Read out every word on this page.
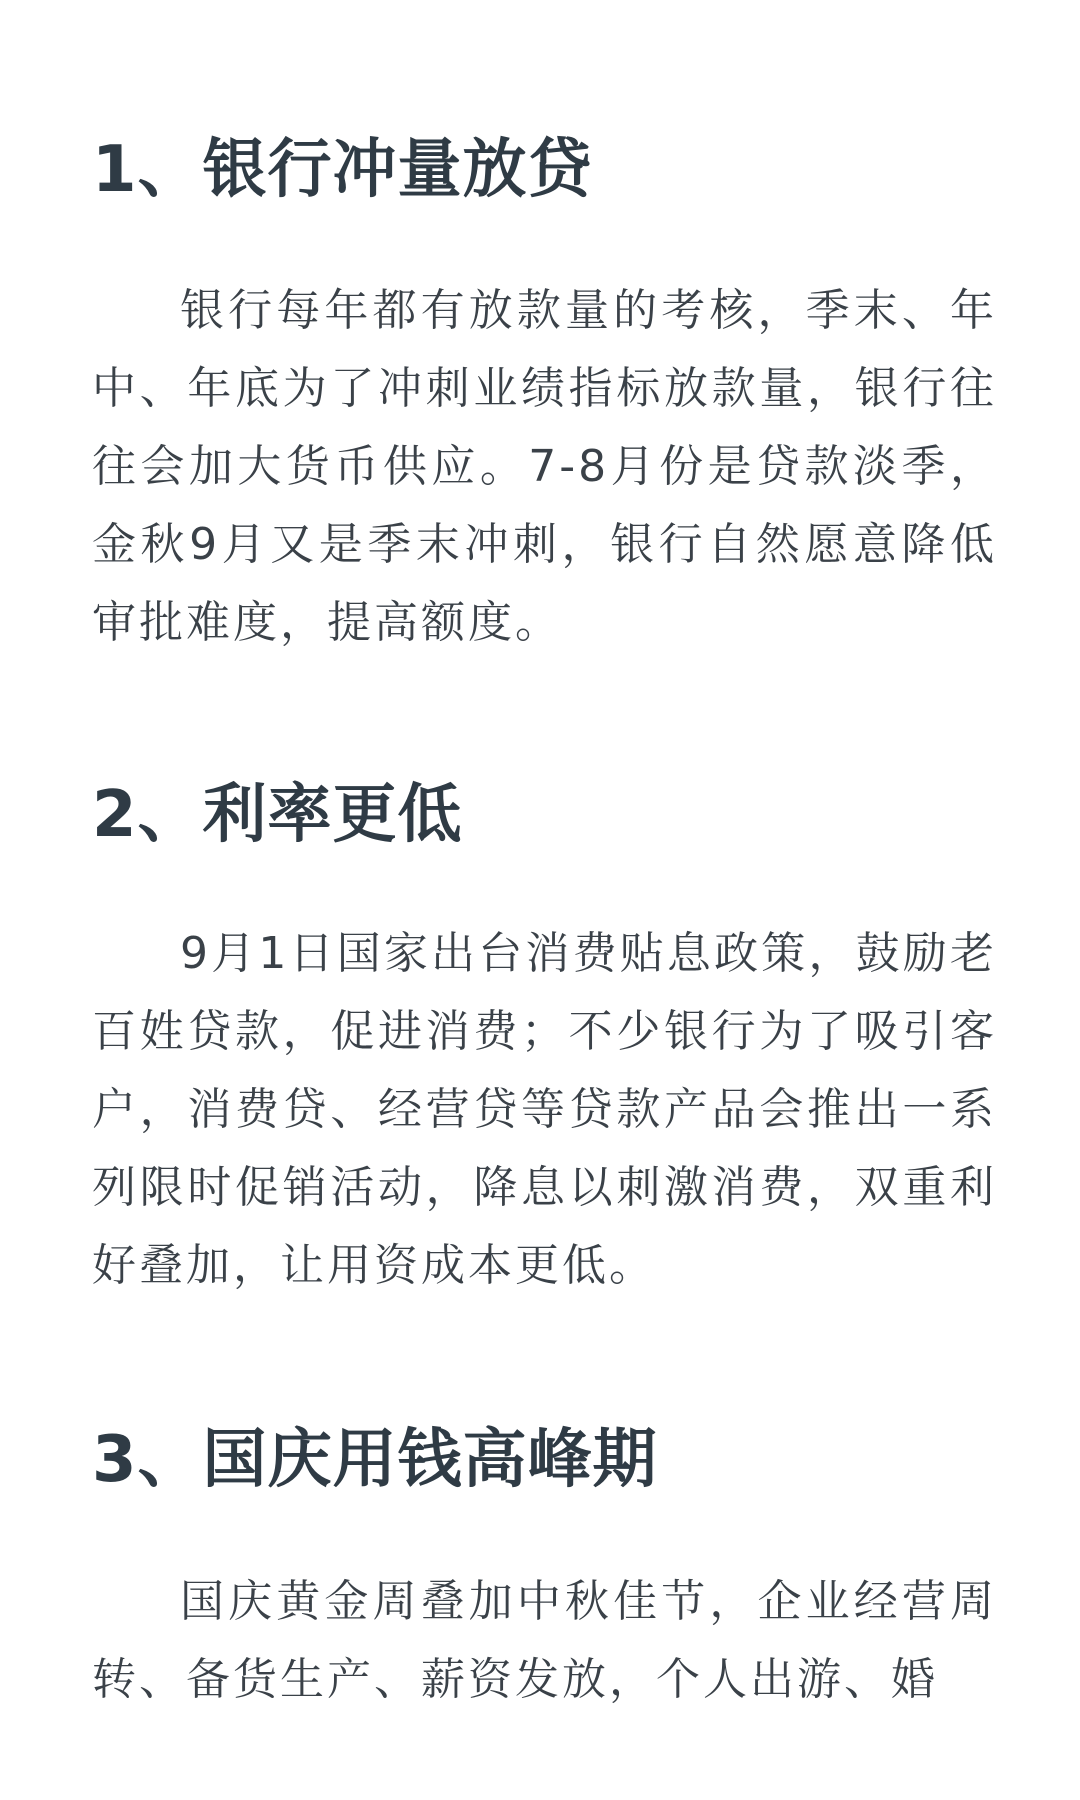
1、银行冲量放贷

银行每年都有放款量的考核，季末、年中、年底为了冲刺业绩指标放款量，银行往往会加大货币供应。7-8月份是贷款淡季，金秋9月又是季末冲刺，银行自然愿意降低审批难度，提高额度。

2、利率更低

9月1日国家出台消费贴息政策，鼓励老百姓贷款，促进消费；不少银行为了吸引客户，消费贷、经营贷等贷款产品会推出一系列限时促销活动，降息以刺激消费，双重利好叠加，让用资成本更低。

3、国庆用钱高峰期

国庆黄金周叠加中秋佳节，企业经营周转、备货生产、薪资发放，个人出游、婚
